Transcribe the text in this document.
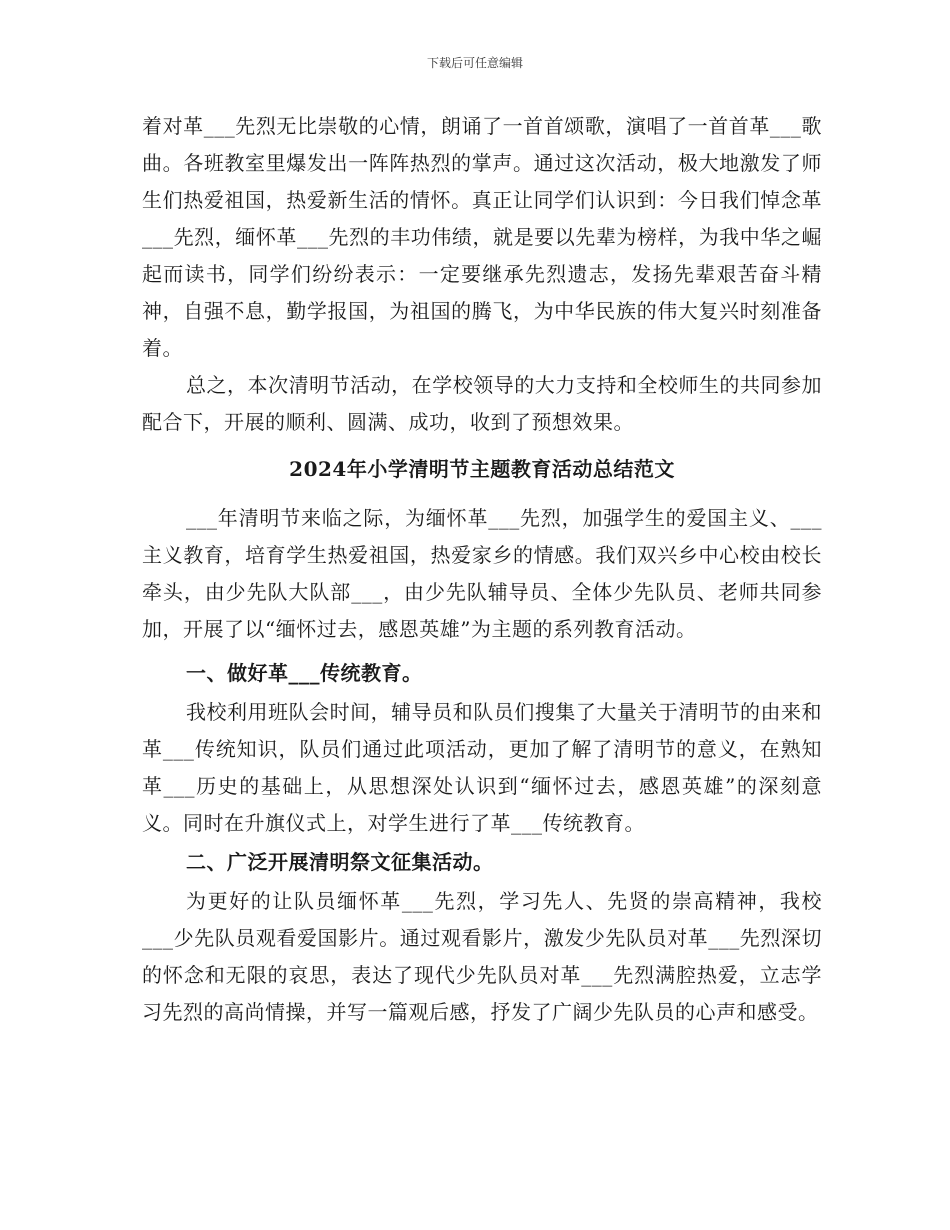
下载后可任意编辑

着对革___先烈无比崇敬的心情，朗诵了一首首颂歌，演唱了一首首革___歌曲。各班教室里爆发出一阵阵热烈的掌声。通过这次活动，极大地激发了师生们热爱祖国，热爱新生活的情怀。真正让同学们认识到：今日我们悼念革___先烈，缅怀革___先烈的丰功伟绩，就是要以先辈为榜样，为我中华之崛起而读书，同学们纷纷表示：一定要继承先烈遗志，发扬先辈艰苦奋斗精神，自强不息，勤学报国，为祖国的腾飞，为中华民族的伟大复兴时刻准备着。

总之，本次清明节活动，在学校领导的大力支持和全校师生的共同参加配合下，开展的顺利、圆满、成功，收到了预想效果。

2024年小学清明节主题教育活动总结范文

___年清明节来临之际，为缅怀革___先烈，加强学生的爱国主义、___主义教育，培育学生热爱祖国，热爱家乡的情感。我们双兴乡中心校由校长牵头，由少先队大队部___，由少先队辅导员、全体少先队员、老师共同参加，开展了以“缅怀过去，感恩英雄”为主题的系列教育活动。

一、做好革___传统教育。

我校利用班队会时间，辅导员和队员们搜集了大量关于清明节的由来和革___传统知识，队员们通过此项活动，更加了解了清明节的意义，在熟知革___历史的基础上，从思想深处认识到“缅怀过去，感恩英雄”的深刻意义。同时在升旗仪式上，对学生进行了革___传统教育。

二、广泛开展清明祭文征集活动。

为更好的让队员缅怀革___先烈，学习先人、先贤的崇高精神，我校___少先队员观看爱国影片。通过观看影片，激发少先队员对革___先烈深切的怀念和无限的哀思，表达了现代少先队员对革___先烈满腔热爱，立志学习先烈的高尚情操，并写一篇观后感，抒发了广阔少先队员的心声和感受。
